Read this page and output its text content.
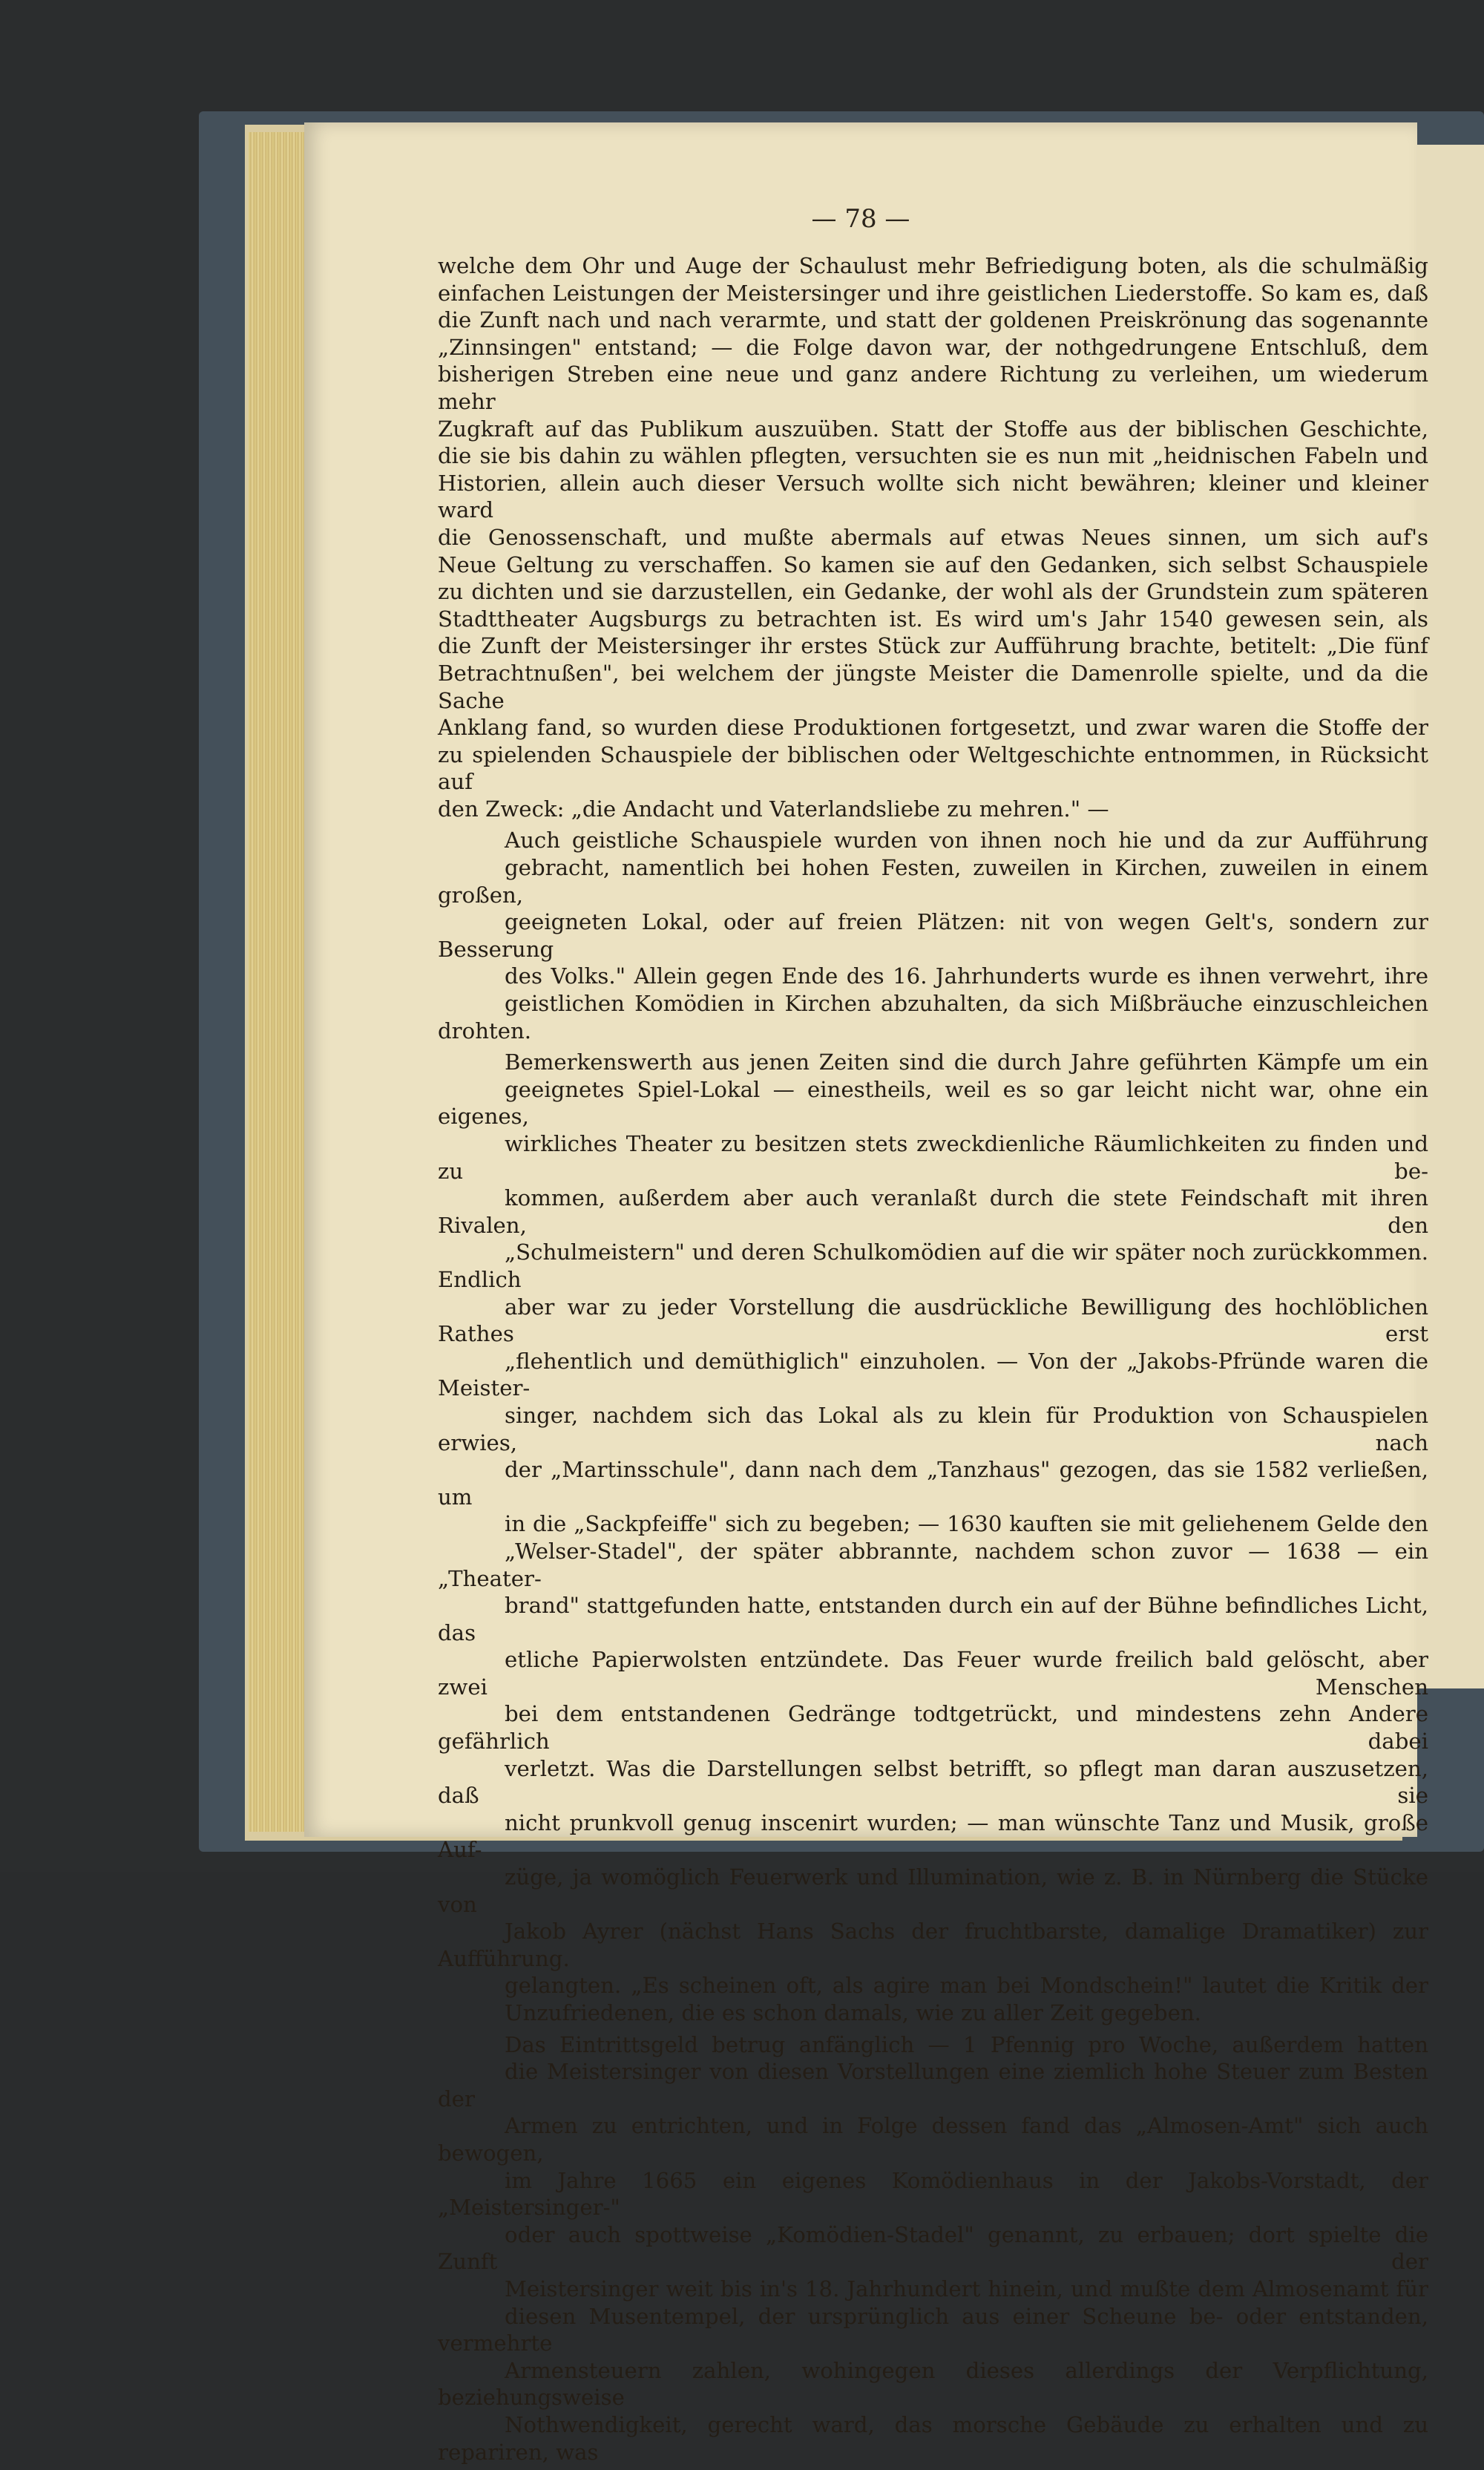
— 78 —
welche dem Ohr und Auge der Schaulust mehr Befriedigung boten, als die schulmäßig
einfachen Leistungen der Meistersinger und ihre geistlichen Liederstoffe. So kam es, daß
die Zunft nach und nach verarmte, und statt der goldenen Preiskrönung das sogenannte
„Zinnsingen" entstand; — die Folge davon war, der nothgedrungene Entschluß, dem
bisherigen Streben eine neue und ganz andere Richtung zu verleihen, um wiederum mehr
Zugkraft auf das Publikum auszuüben. Statt der Stoffe aus der biblischen Geschichte,
die sie bis dahin zu wählen pflegten, versuchten sie es nun mit „heidnischen Fabeln und
Historien, allein auch dieser Versuch wollte sich nicht bewähren; kleiner und kleiner ward
die Genossenschaft, und mußte abermals auf etwas Neues sinnen, um sich auf's
Neue Geltung zu verschaffen. So kamen sie auf den Gedanken, sich selbst Schauspiele
zu dichten und sie darzustellen, ein Gedanke, der wohl als der Grundstein zum späteren
Stadttheater Augsburgs zu betrachten ist. Es wird um's Jahr 1540 gewesen sein, als
die Zunft der Meistersinger ihr erstes Stück zur Aufführung brachte, betitelt: „Die fünf
Betrachtnußen", bei welchem der jüngste Meister die Damenrolle spielte, und da die Sache
Anklang fand, so wurden diese Produktionen fortgesetzt, und zwar waren die Stoffe der
zu spielenden Schauspiele der biblischen oder Weltgeschichte entnommen, in Rücksicht auf
den Zweck: „die Andacht und Vaterlandsliebe zu mehren." —
Auch geistliche Schauspiele wurden von ihnen noch hie und da zur Aufführung
gebracht, namentlich bei hohen Festen, zuweilen in Kirchen, zuweilen in einem großen,
geeigneten Lokal, oder auf freien Plätzen: nit von wegen Gelt's, sondern zur Besserung
des Volks." Allein gegen Ende des 16. Jahrhunderts wurde es ihnen verwehrt, ihre
geistlichen Komödien in Kirchen abzuhalten, da sich Mißbräuche einzuschleichen drohten.
Bemerkenswerth aus jenen Zeiten sind die durch Jahre geführten Kämpfe um ein
geeignetes Spiel-Lokal — einestheils, weil es so gar leicht nicht war, ohne ein eigenes,
wirkliches Theater zu besitzen stets zweckdienliche Räumlichkeiten zu finden und zu be-
kommen, außerdem aber auch veranlaßt durch die stete Feindschaft mit ihren Rivalen, den
„Schulmeistern" und deren Schulkomödien auf die wir später noch zurückkommen. Endlich
aber war zu jeder Vorstellung die ausdrückliche Bewilligung des hochlöblichen Rathes erst
„flehentlich und demüthiglich" einzuholen. — Von der „Jakobs-Pfründe waren die Meister-
singer, nachdem sich das Lokal als zu klein für Produktion von Schauspielen erwies, nach
der „Martinsschule", dann nach dem „Tanzhaus" gezogen, das sie 1582 verließen, um
in die „Sackpfeiffe" sich zu begeben; — 1630 kauften sie mit geliehenem Gelde den
„Welser-Stadel", der später abbrannte, nachdem schon zuvor — 1638 — ein „Theater-
brand" stattgefunden hatte, entstanden durch ein auf der Bühne befindliches Licht, das
etliche Papierwolsten entzündete. Das Feuer wurde freilich bald gelöscht, aber zwei Menschen
bei dem entstandenen Gedränge todtgetrückt, und mindestens zehn Andere gefährlich dabei
verletzt. Was die Darstellungen selbst betrifft, so pflegt man daran auszusetzen, daß sie
nicht prunkvoll genug inscenirt wurden; — man wünschte Tanz und Musik, große Auf-
züge, ja womöglich Feuerwerk und Illumination, wie z. B. in Nürnberg die Stücke von
Jakob Ayrer (nächst Hans Sachs der fruchtbarste, damalige Dramatiker) zur Aufführung.
gelangten. „Es scheinen oft, als agire man bei Mondschein!" lautet die Kritik der
Unzufriedenen, die es schon damals, wie zu aller Zeit gegeben.
Das Eintrittsgeld betrug anfänglich — 1 Pfennig pro Woche, außerdem hatten
die Meistersinger von diesen Vorstellungen eine ziemlich hohe Steuer zum Besten der
Armen zu entrichten, und in Folge dessen fand das „Almosen-Amt" sich auch bewogen,
im Jahre 1665 ein eigenes Komödienhaus in der Jakobs-Vorstadt, der „Meistersinger-"
oder auch spottweise „Komödien-Stadel" genannt, zu erbauen; dort spielte die Zunft der
Meistersinger weit bis in's 18. Jahrhundert hinein, und mußte dem Almosenamt für
diesen Musentempel, der ursprünglich aus einer Scheune be- oder entstanden, vermehrte
Armensteuern zahlen, wohingegen dieses allerdings der Verpflichtung, beziehungsweise
Nothwendigkeit, gerecht ward, das morsche Gebäude zu erhalten und zu repariren, was
